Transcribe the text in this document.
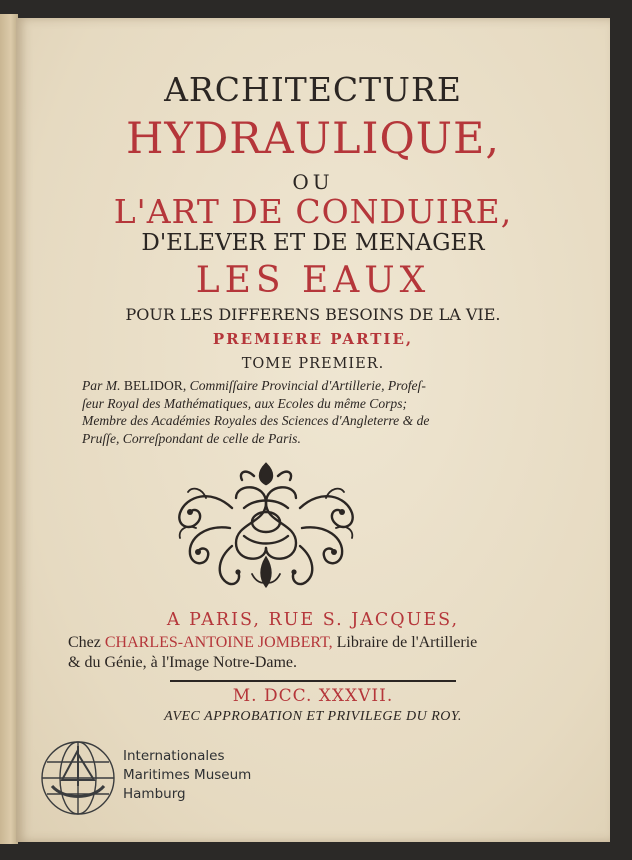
ARCHITECTURE
HYDRAULIQUE,
OU
L'ART DE CONDUIRE,
D'ELEVER ET DE MENAGER
LES EAUX
POUR LES DIFFERENS BESOINS DE LA VIE.
PREMIERE PARTIE,
TOME PREMIER.
Par M. BELIDOR, Commiſſaire Provincial d'Artillerie, Profeſ-
ſeur Royal des Mathématiques, aux Ecoles du même Corps;
Membre des Académies Royales des Sciences d'Angleterre & de
Pruſſe, Correſpondant de celle de Paris.
A PARIS, RUE S. JACQUES,
Chez CHARLES-ANTOINE JOMBERT, Libraire de l'Artillerie
& du Génie, à l'Image Notre-Dame.
M. DCC. XXXVII.
AVEC APPROBATION ET PRIVILEGE DU ROY.
Internationales
Maritimes Museum
Hamburg
